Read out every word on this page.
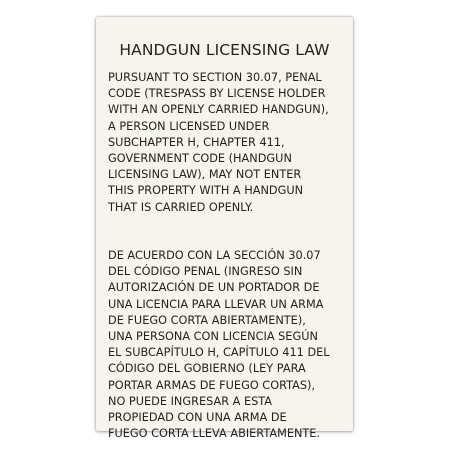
HANDGUN LICENSING LAW

PURSUANT TO SECTION 30.07, PENAL
CODE (TRESPASS BY LICENSE HOLDER
WITH AN OPENLY CARRIED HANDGUN),
A PERSON LICENSED UNDER
SUBCHAPTER H, CHAPTER 411,
GOVERNMENT CODE (HANDGUN
LICENSING LAW), MAY NOT ENTER
THIS PROPERTY WITH A HANDGUN
THAT IS CARRIED OPENLY.

DE ACUERDO CON LA SECCIÓN 30.07
DEL CÓDIGO PENAL (INGRESO SIN
AUTORIZACIÓN DE UN PORTADOR DE
UNA LICENCIA PARA LLEVAR UN ARMA
DE FUEGO CORTA ABIERTAMENTE),
UNA PERSONA CON LICENCIA SEGÚN
EL SUBCAPÍTULO H, CAPÍTULO 411 DEL
CÓDIGO DEL GOBIERNO (LEY PARA
PORTAR ARMAS DE FUEGO CORTAS),
NO PUEDE INGRESAR A ESTA
PROPIEDAD CON UNA ARMA DE
FUEGO CORTA LLEVA ABIERTAMENTE.
